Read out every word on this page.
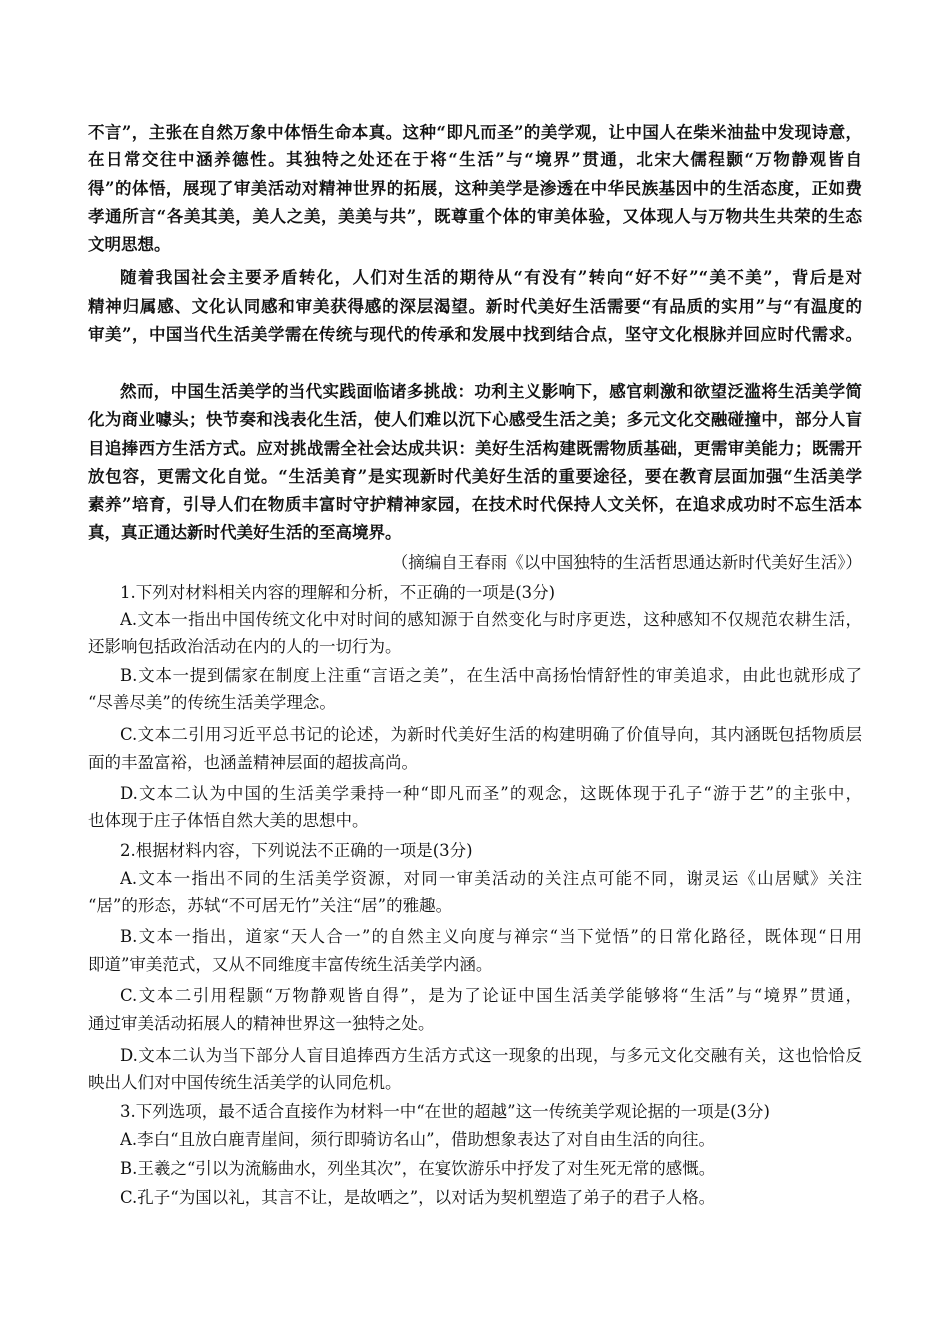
不言”，主张在自然万象中体悟生命本真。这种“即凡而圣”的美学观，让中国人在柴米油盐中发现诗意，
在日常交往中涵养德性。其独特之处还在于将“生活”与“境界”贯通，北宋大儒程颢“万物静观皆自
得”的体悟，展现了审美活动对精神世界的拓展，这种美学是渗透在中华民族基因中的生活态度，正如费
孝通所言“各美其美，美人之美，美美与共”，既尊重个体的审美体验，又体现人与万物共生共荣的生态
文明思想。
随着我国社会主要矛盾转化，人们对生活的期待从“有没有”转向“好不好”“美不美”，背后是对
精神归属感、文化认同感和审美获得感的深层渴望。新时代美好生活需要“有品质的实用”与“有温度的
审美”，中国当代生活美学需在传统与现代的传承和发展中找到结合点，坚守文化根脉并回应时代需求。
然而，中国生活美学的当代实践面临诸多挑战：功利主义影响下，感官刺激和欲望泛滥将生活美学简
化为商业噱头；快节奏和浅表化生活，使人们难以沉下心感受生活之美；多元文化交融碰撞中，部分人盲
目追捧西方生活方式。应对挑战需全社会达成共识：美好生活构建既需物质基础，更需审美能力；既需开
放包容，更需文化自觉。“生活美育”是实现新时代美好生活的重要途径，要在教育层面加强“生活美学
素养”培育，引导人们在物质丰富时守护精神家园，在技术时代保持人文关怀，在追求成功时不忘生活本
真，真正通达新时代美好生活的至高境界。
（摘编自王春雨《以中国独特的生活哲思通达新时代美好生活》）
1.下列对材料相关内容的理解和分析，不正确的一项是(3分)
A.文本一指出中国传统文化中对时间的感知源于自然变化与时序更迭，这种感知不仅规范农耕生活，
还影响包括政治活动在内的人的一切行为。
B.文本一提到儒家在制度上注重“言语之美”，在生活中高扬怡情舒性的审美追求，由此也就形成了
“尽善尽美”的传统生活美学理念。
C.文本二引用习近平总书记的论述，为新时代美好生活的构建明确了价值导向，其内涵既包括物质层
面的丰盈富裕，也涵盖精神层面的超拔高尚。
D.文本二认为中国的生活美学秉持一种“即凡而圣”的观念，这既体现于孔子“游于艺”的主张中，
也体现于庄子体悟自然大美的思想中。
2.根据材料内容，下列说法不正确的一项是(3分)
A.文本一指出不同的生活美学资源，对同一审美活动的关注点可能不同，谢灵运《山居赋》关注
“居”的形态，苏轼“不可居无竹”关注“居”的雅趣。
B.文本一指出，道家“天人合一”的自然主义向度与禅宗“当下觉悟”的日常化路径，既体现“日用
即道”审美范式，又从不同维度丰富传统生活美学内涵。
C.文本二引用程颢“万物静观皆自得”，是为了论证中国生活美学能够将“生活”与“境界”贯通，
通过审美活动拓展人的精神世界这一独特之处。
D.文本二认为当下部分人盲目追捧西方生活方式这一现象的出现，与多元文化交融有关，这也恰恰反
映出人们对中国传统生活美学的认同危机。
3.下列选项，最不适合直接作为材料一中“在世的超越”这一传统美学观论据的一项是(3分)
A.李白“且放白鹿青崖间，须行即骑访名山”，借助想象表达了对自由生活的向往。
B.王羲之“引以为流觞曲水，列坐其次”，在宴饮游乐中抒发了对生死无常的感慨。
C.孔子“为国以礼，其言不让，是故哂之”，以对话为契机塑造了弟子的君子人格。
